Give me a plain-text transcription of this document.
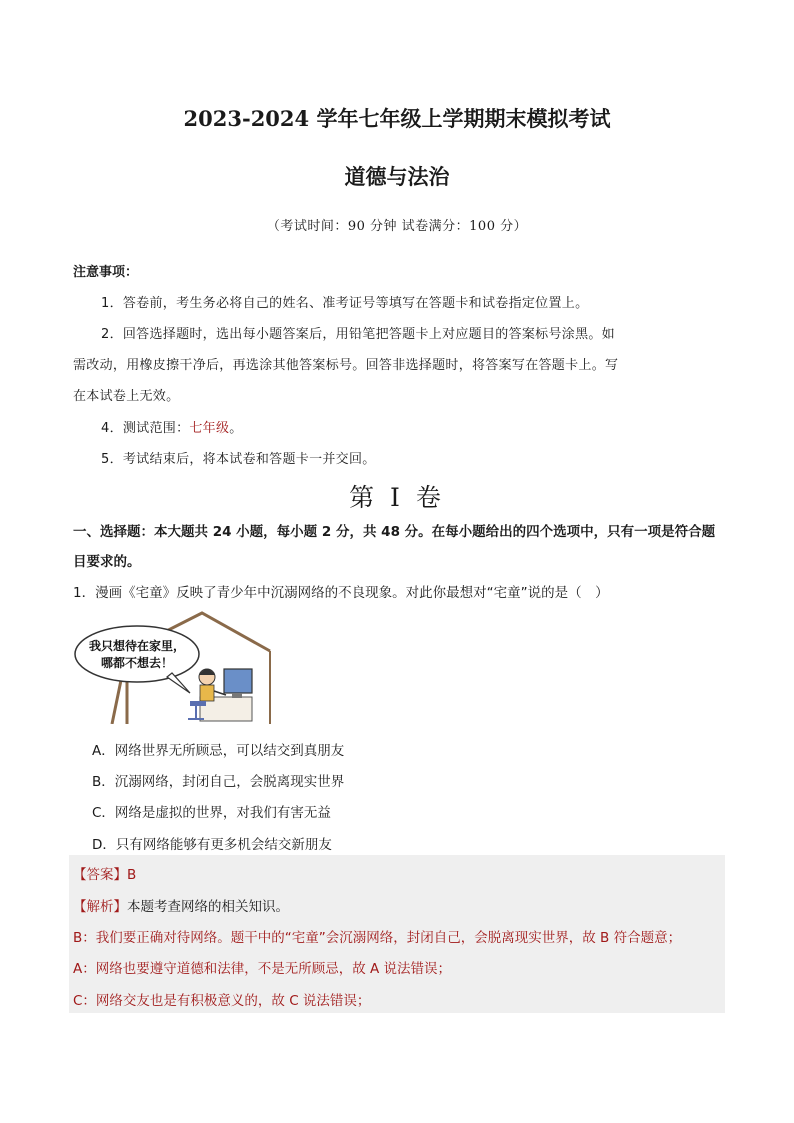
2023-2024 学年七年级上学期期末模拟考试
道德与法治
（考试时间：90 分钟 试卷满分：100 分）
注意事项：
1．答卷前，考生务必将自己的姓名、准考证号等填写在答题卡和试卷指定位置上。
2．回答选择题时，选出每小题答案后，用铅笔把答题卡上对应题目的答案标号涂黑。如
需改动，用橡皮擦干净后，再选涂其他答案标号。回答非选择题时，将答案写在答题卡上。写
在本试卷上无效。
4．测试范围：七年级。
5．考试结束后，将本试卷和答题卡一并交回。
第 I 卷
一、选择题：本大题共 24 小题，每小题 2 分，共 48 分。在每小题给出的四个选项中，只有一项是符合题
目要求的。
1．漫画《宅童》反映了青少年中沉溺网络的不良现象。对此你最想对“宅童”说的是（　）
我只想待在家里，
哪都不想去！
A．网络世界无所顾忌，可以结交到真朋友
B．沉溺网络，封闭自己，会脱离现实世界
C．网络是虚拟的世界，对我们有害无益
D．只有网络能够有更多机会结交新朋友
【答案】B
【解析】本题考查网络的相关知识。
B：我们要正确对待网络。题干中的“宅童”会沉溺网络，封闭自己，会脱离现实世界，故 B 符合题意；
A：网络也要遵守道德和法律，不是无所顾忌，故 A 说法错误；
C：网络交友也是有积极意义的，故 C 说法错误；
